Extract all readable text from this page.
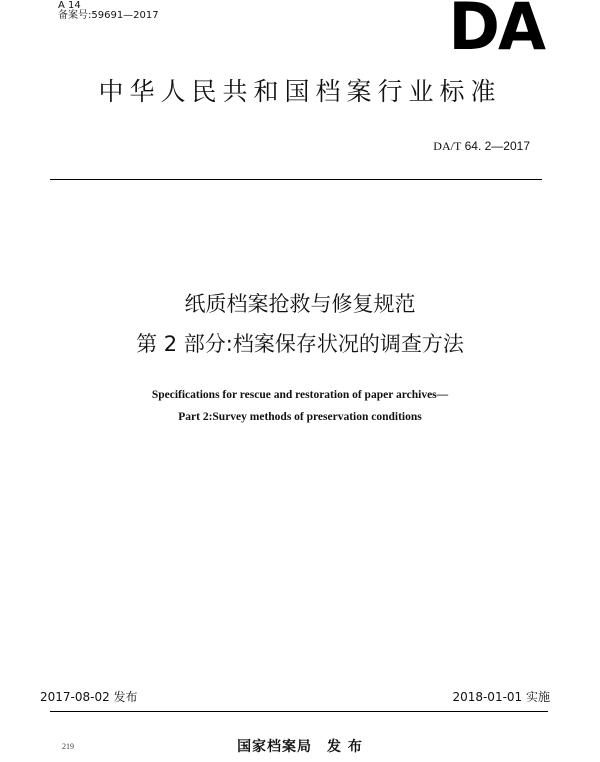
A 14
备案号:59691—2017	DA
中华人民共和国档案行业标准
DA/T 64. 2—2017
纸质档案抢救与修复规范
第 2 部分:档案保存状况的调查方法
Specifications for rescue and restoration of paper archives—
Part 2:Survey methods of preservation conditions
2017-08-02 发布	2018-01-01 实施
219	国家档案局　发 布
